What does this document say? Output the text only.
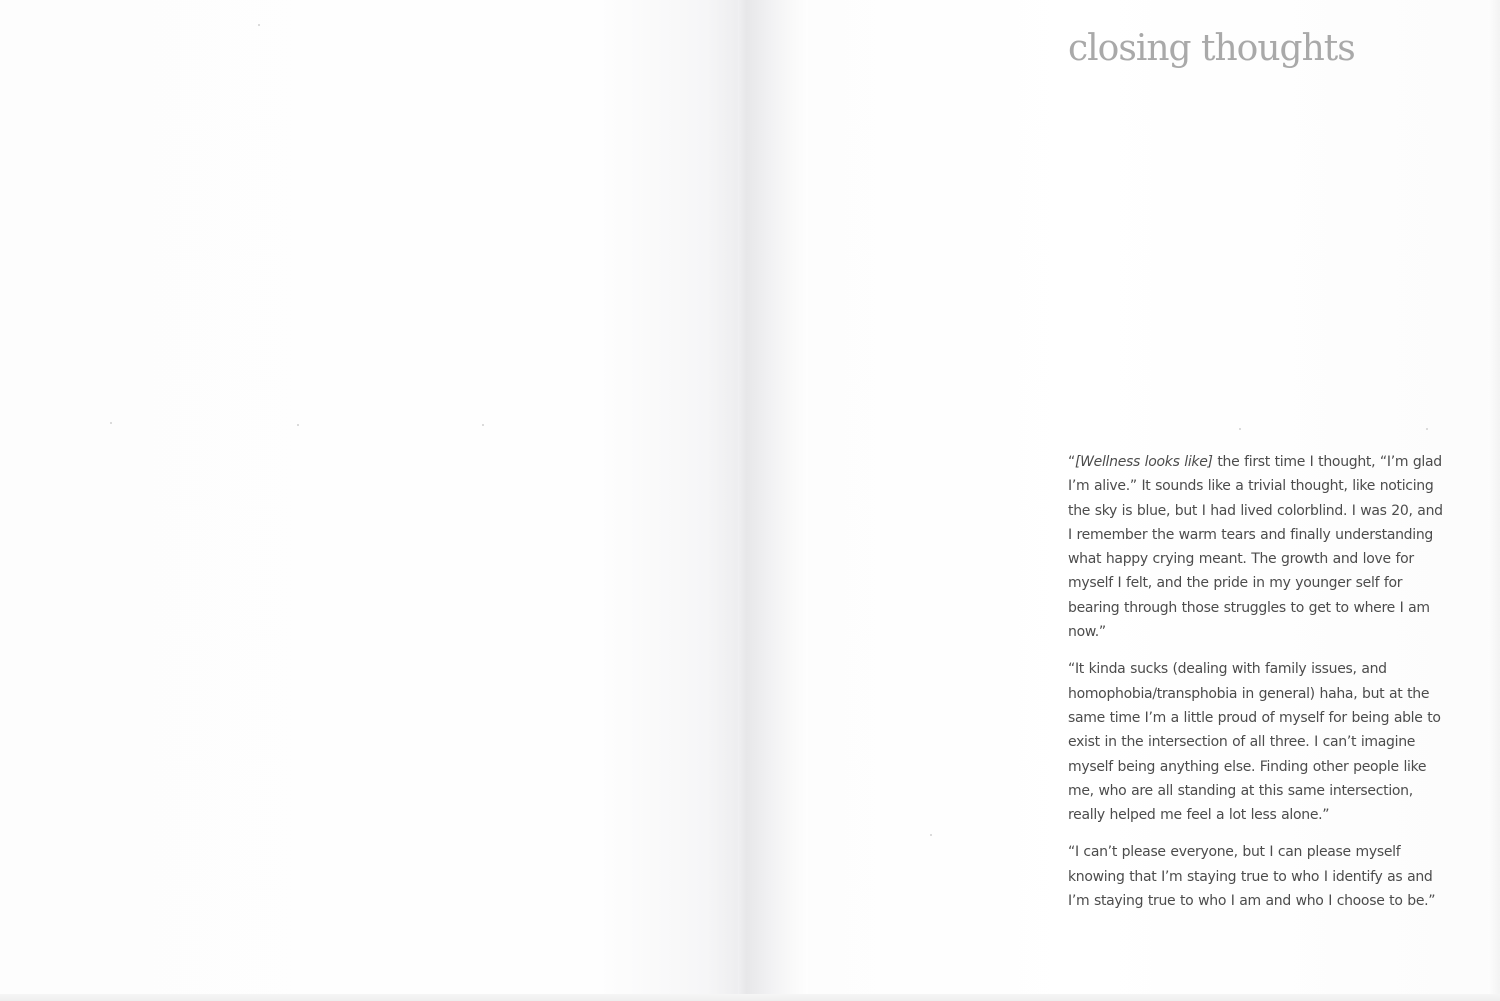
closing thoughts

“[Wellness looks like] the first time I thought, “I’m glad I’m alive.” It sounds like a trivial thought, like noticing the sky is blue, but I had lived colorblind. I was 20, and I remember the warm tears and finally understanding what happy crying meant. The growth and love for myself I felt, and the pride in my younger self for bearing through those struggles to get to where I am now.”

“It kinda sucks (dealing with family issues, and homophobia/transphobia in general) haha, but at the same time I’m a little proud of myself for being able to exist in the intersection of all three. I can’t imagine myself being anything else. Finding other people like me, who are all standing at this same intersection, really helped me feel a lot less alone.”

“I can’t please everyone, but I can please myself knowing that I’m staying true to who I identify as and I’m staying true to who I am and who I choose to be.”
